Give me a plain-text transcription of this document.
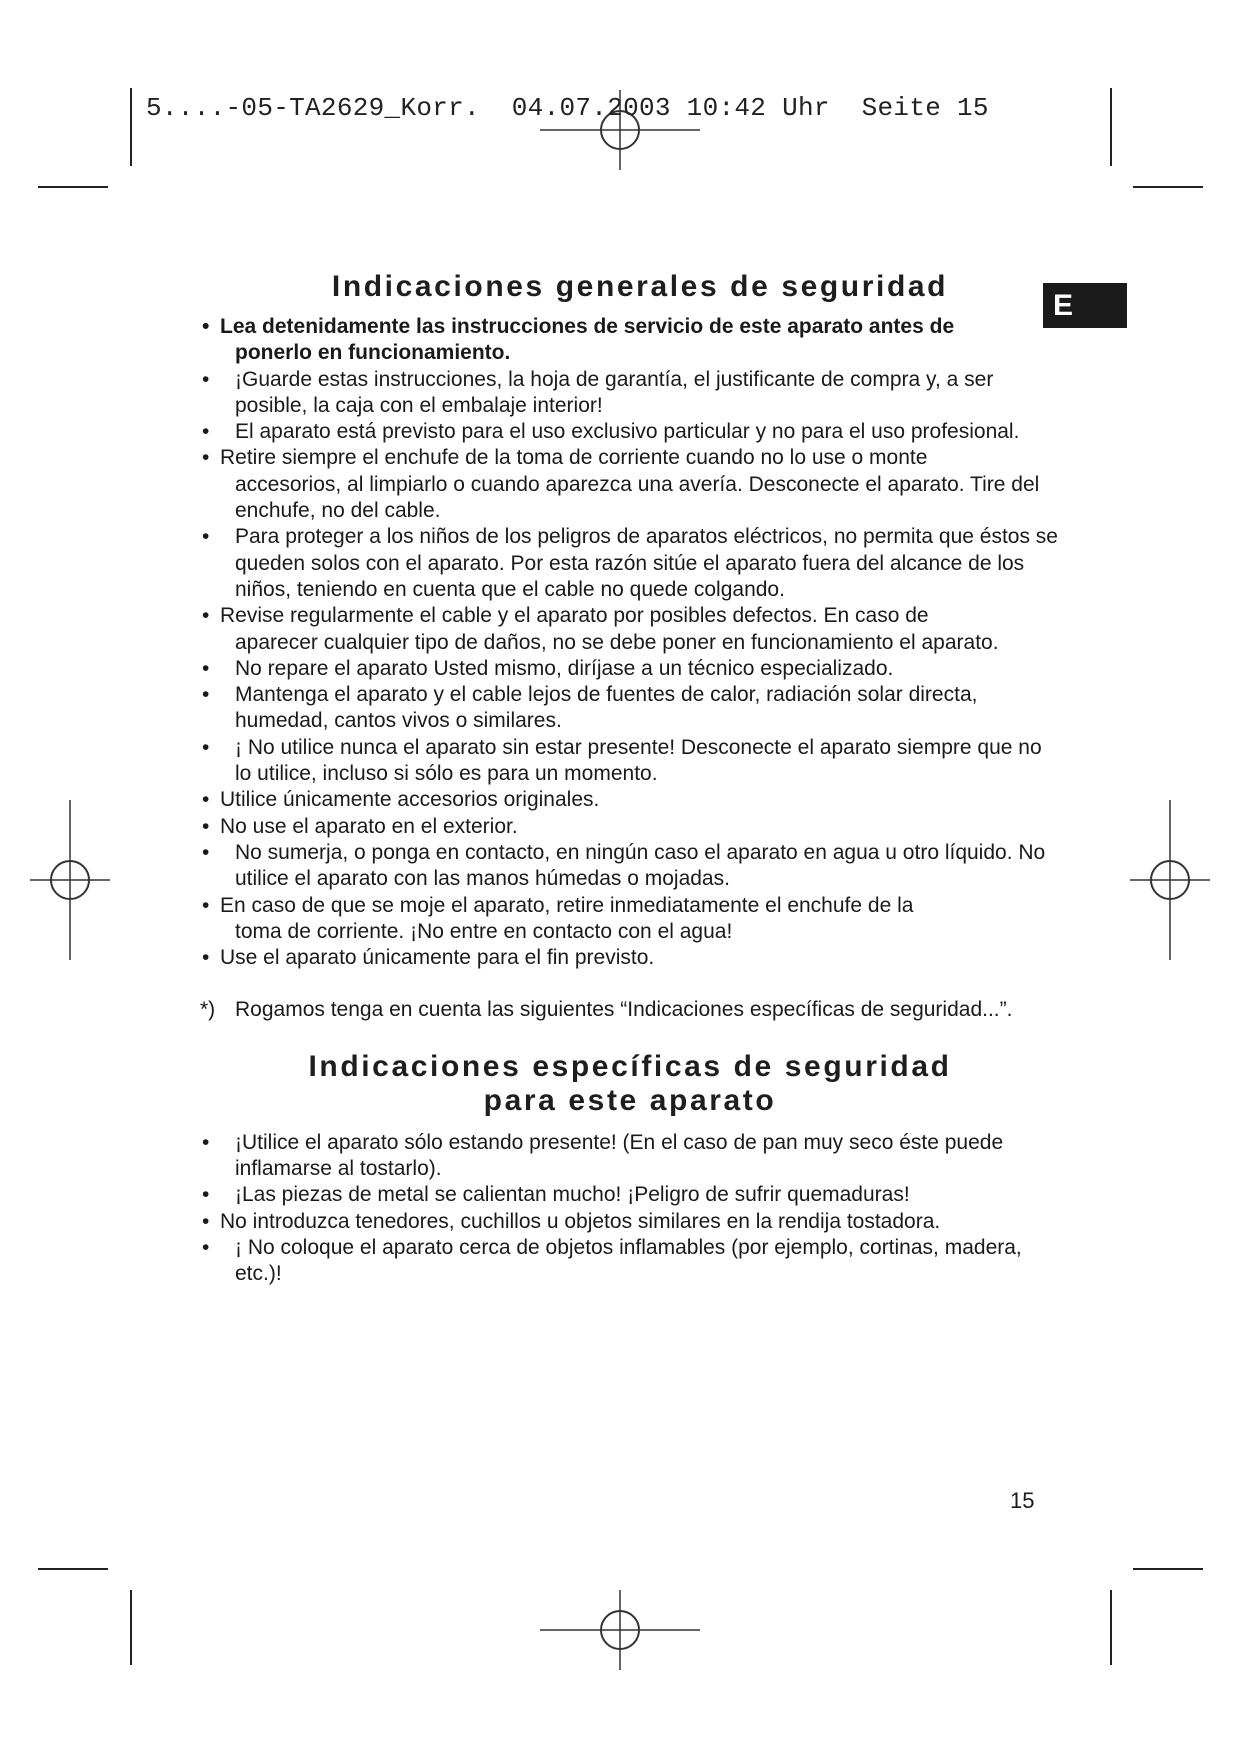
5....-05-TA2629_Korr.  04.07.2003 10:42 Uhr  Seite 15
E
Indicaciones generales de seguridad
• Lea detenidamente las instrucciones de servicio de este aparato antes de
ponerlo en funcionamiento.
• ¡Guarde estas instrucciones, la hoja de garantía, el justificante de compra y, a ser posible, la caja con el embalaje interior!
• El aparato está previsto para el uso exclusivo particular y no para el uso profesional.
• Retire siempre el enchufe de la toma de corriente cuando no lo use o monte
accesorios, al limpiarlo o cuando aparezca una avería. Desconecte el aparato. Tire del enchufe, no del cable.
• Para proteger a los niños de los peligros de aparatos eléctricos, no permita que éstos se queden solos con el aparato. Por esta razón sitúe el aparato fuera del alcance de los niños, teniendo en cuenta que el cable no quede colgando.
• Revise regularmente el cable y el aparato por posibles defectos. En caso de
aparecer cualquier tipo de daños, no se debe poner en funcionamiento el aparato.
• No repare el aparato Usted mismo, diríjase a un técnico especializado.
• Mantenga el aparato y el cable lejos de fuentes de calor, radiación solar directa, humedad, cantos vivos o similares.
• ¡ No utilice nunca el aparato sin estar presente! Desconecte el aparato siempre que no lo utilice, incluso si sólo es para un momento.
• Utilice únicamente accesorios originales.
• No use el aparato en el exterior.
• No sumerja, o ponga en contacto, en ningún caso el aparato en agua u otro líquido. No utilice el aparato con las manos húmedas o mojadas.
• En caso de que se moje el aparato, retire inmediatamente el enchufe de la
toma de corriente. ¡No entre en contacto con el agua!
• Use el aparato únicamente para el fin previsto.
*) Rogamos tenga en cuenta las siguientes “Indicaciones específicas de seguridad...”.
Indicaciones específicas de seguridad
para este aparato
• ¡Utilice el aparato sólo estando presente! (En el caso de pan muy seco éste puede inflamarse al tostarlo).
• ¡Las piezas de metal se calientan mucho! ¡Peligro de sufrir quemaduras!
• No introduzca tenedores, cuchillos u objetos similares en la rendija tostadora.
• ¡ No coloque el aparato cerca de objetos inflamables (por ejemplo, cortinas, madera, etc.)!
15
